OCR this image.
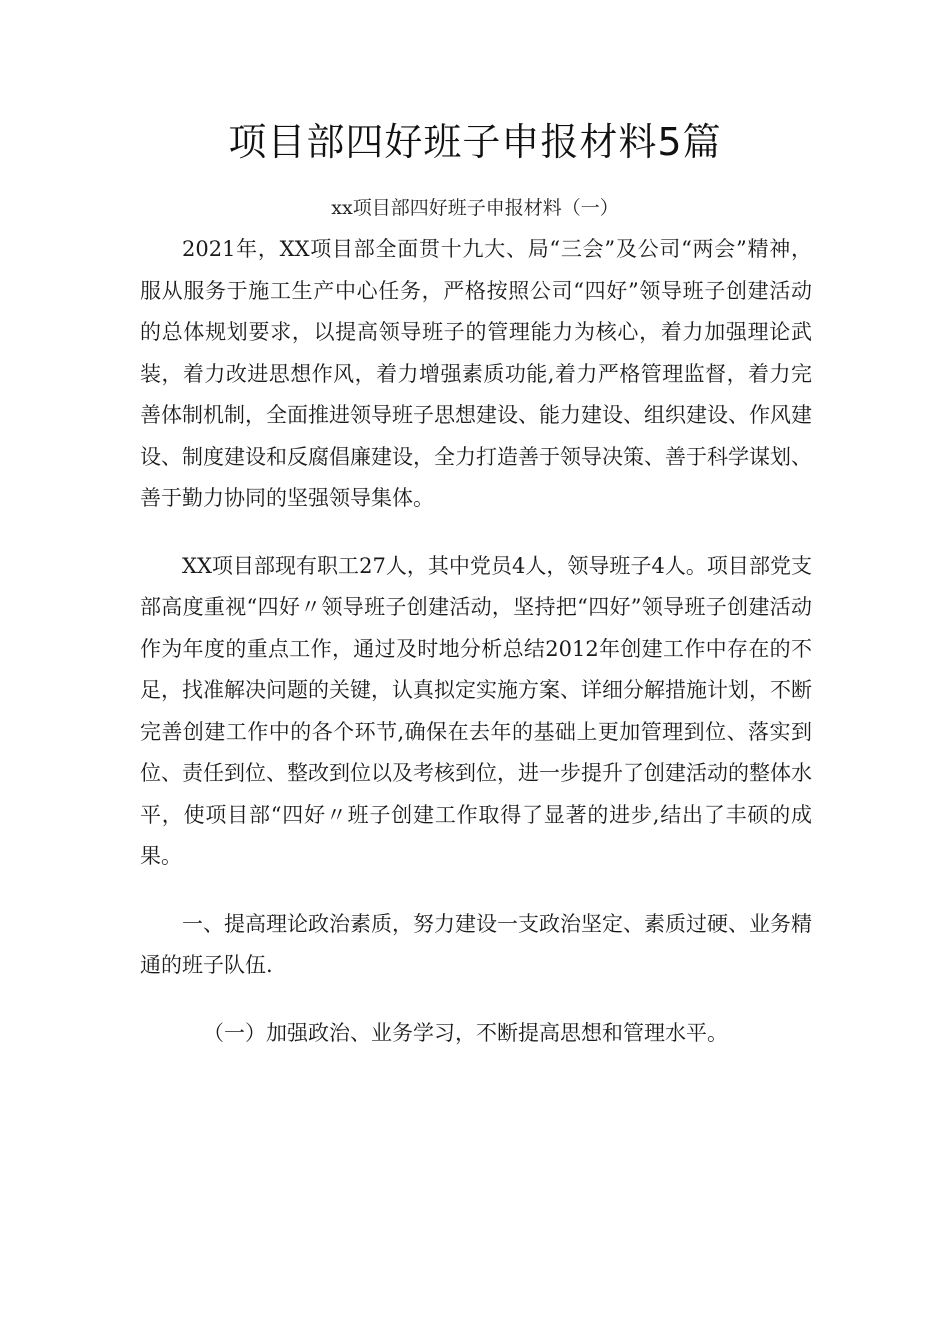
项目部四好班子申报材料5篇

xx项目部四好班子申报材料（一）

2021年，XX项目部全面贯十九大、局“三会”及公司“两会”精神，服从服务于施工生产中心任务，严格按照公司“四好”领导班子创建活动的总体规划要求，以提高领导班子的管理能力为核心，着力加强理论武装，着力改进思想作风，着力增强素质功能,着力严格管理监督，着力完善体制机制，全面推进领导班子思想建设、能力建设、组织建设、作风建设、制度建设和反腐倡廉建设，全力打造善于领导决策、善于科学谋划、善于勤力协同的坚强领导集体。

XX项目部现有职工27人，其中党员4人，领导班子4人。项目部党支部高度重视“四好〃领导班子创建活动，坚持把“四好”领导班子创建活动作为年度的重点工作，通过及时地分析总结2012年创建工作中存在的不足，找准解决问题的关键，认真拟定实施方案、详细分解措施计划，不断完善创建工作中的各个环节,确保在去年的基础上更加管理到位、落实到位、责任到位、整改到位以及考核到位，进一步提升了创建活动的整体水平，使项目部“四好〃班子创建工作取得了显著的进步,结出了丰硕的成果。

一、提高理论政治素质，努力建设一支政治坚定、素质过硬、业务精通的班子队伍.

（一）加强政治、业务学习，不断提高思想和管理水平。
